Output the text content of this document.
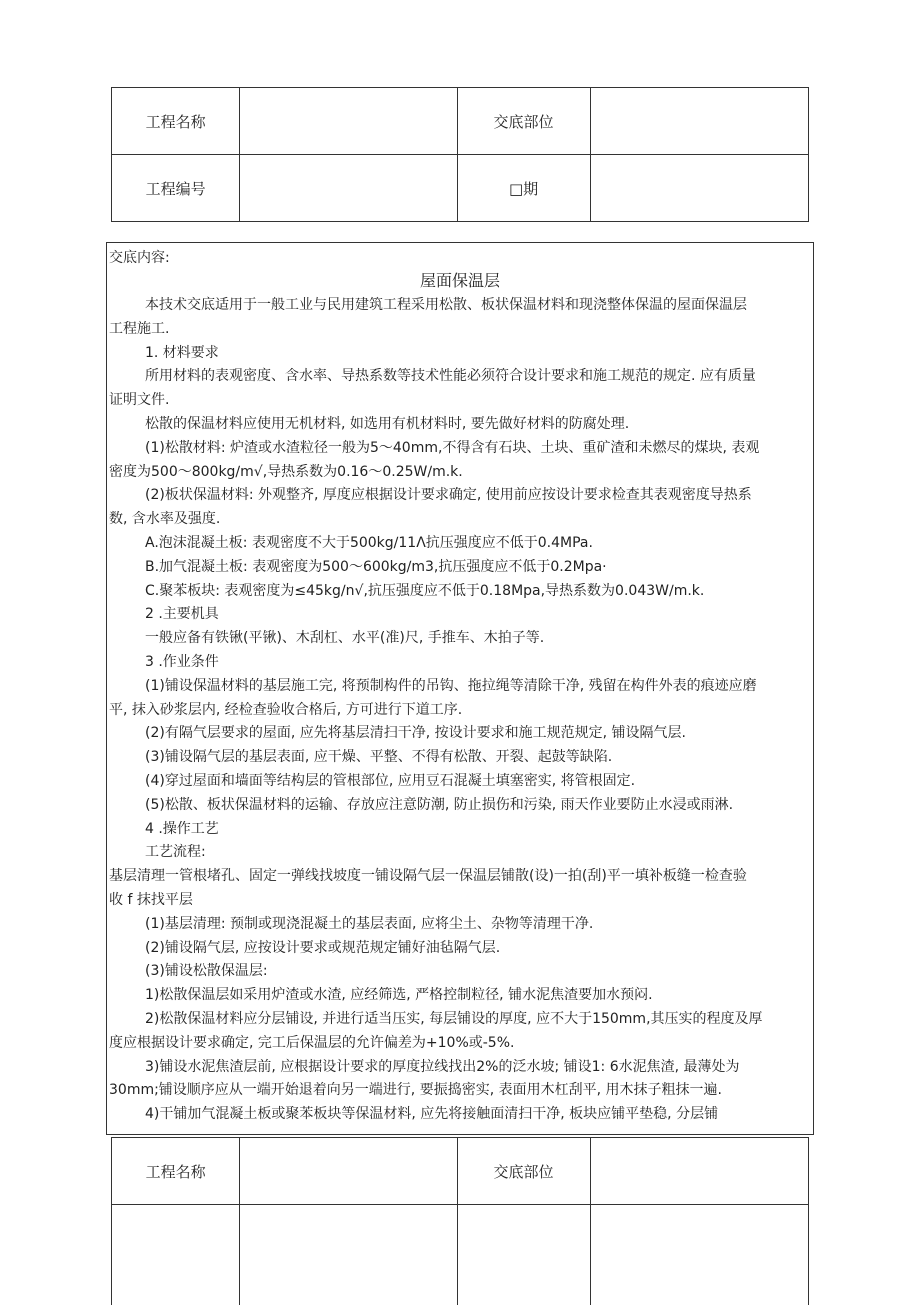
工程名称		交底部位	
工程编号		□期	
交底内容:
屋面保温层
本技术交底适用于一般工业与民用建筑工程采用松散、板状保温材料和现浇整体保温的屋面保温层
工程施工.
1. 材料要求
所用材料的表观密度、含水率、导热系数等技术性能必须符合设计要求和施工规范的规定. 应有质量
证明文件.
松散的保温材料应使用无机材料, 如选用有机材料时, 要先做好材料的防腐处理.
(1)松散材料: 炉渣或水渣粒径一般为5～40mm,不得含有石块、土块、重矿渣和未燃尽的煤块, 表观
密度为500～800kg∕m√,导热系数为0.16～0.25W∕m.k.
(2)板状保温材料: 外观整齐, 厚度应根据设计要求确定, 使用前应按设计要求检查其表观密度导热系
数, 含水率及强度.
A.泡沫混凝土板: 表观密度不大于500kg∕11Λ抗压强度应不低于0.4MPa.
B.加气混凝土板: 表观密度为500～600kg∕m3,抗压强度应不低于0.2Mpa·
C.聚苯板块: 表观密度为≤45kg∕n√,抗压强度应不低于0.18Mpa,导热系数为0.043W∕m.k.
2 .主要机具
一般应备有铁锹(平锹)、木刮杠、水平(准)尺, 手推车、木拍子等.
3 .作业条件
(1)铺设保温材料的基层施工完, 将预制构件的吊钩、拖拉绳等清除干净, 残留在构件外表的痕迹应磨
平, 抹入砂浆层内, 经检查验收合格后, 方可进行下道工序.
(2)有隔气层要求的屋面, 应先将基层清扫干净, 按设计要求和施工规范规定, 铺设隔气层.
(3)铺设隔气层的基层表面, 应干燥、平整、不得有松散、开裂、起鼓等缺陷.
(4)穿过屋面和墙面等结构层的管根部位, 应用豆石混凝土填塞密实, 将管根固定.
(5)松散、板状保温材料的运输、存放应注意防潮, 防止损伤和污染, 雨天作业要防止水浸或雨淋.
4 .操作工艺
工艺流程:
基层清理一管根堵孔、固定一弹线找坡度一铺设隔气层一保温层铺散(设)一拍(刮)平一填补板缝一检查验
收 f 抹找平层
(1)基层清理: 预制或现浇混凝土的基层表面, 应将尘土、杂物等清理干净.
(2)铺设隔气层, 应按设计要求或规范规定铺好油毡隔气层.
(3)铺设松散保温层:
1)松散保温层如采用炉渣或水渣, 应经筛选, 严格控制粒径, 铺水泥焦渣要加水预闷.
2)松散保温材料应分层铺设, 并进行适当压实, 每层铺设的厚度, 应不大于150mm,其压实的程度及厚
度应根据设计要求确定, 完工后保温层的允许偏差为+10%或-5%.
3)铺设水泥焦渣层前, 应根据设计要求的厚度拉线找出2%的泛水坡; 铺设1: 6水泥焦渣, 最薄处为
30mm;铺设顺序应从一端开始退着向另一端进行, 要振捣密实, 表面用木杠刮平, 用木抹子粗抹一遍.
4)干铺加气混凝土板或聚苯板块等保温材料, 应先将接触面清扫干净, 板块应铺平垫稳, 分层铺
工程名称		交底部位	
